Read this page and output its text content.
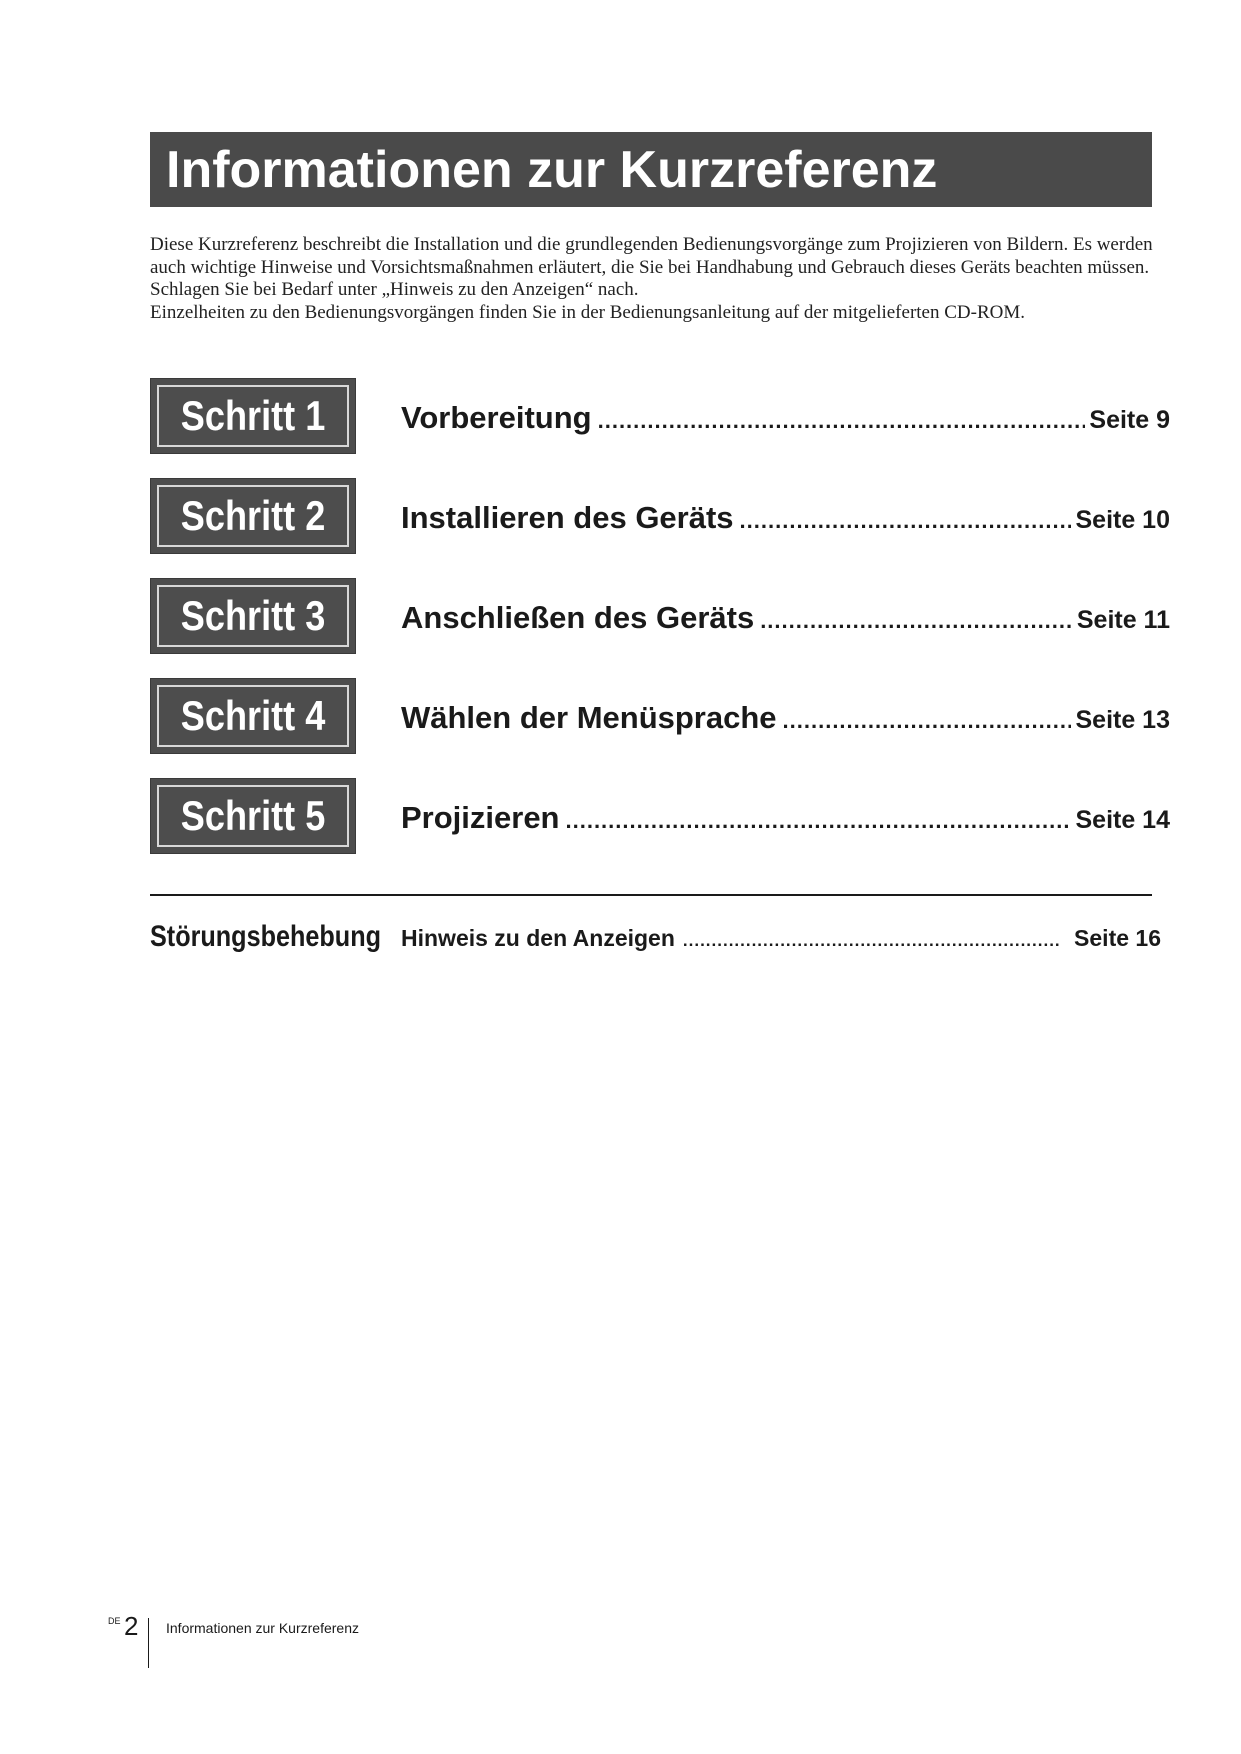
Informationen zur Kurzreferenz

Diese Kurzreferenz beschreibt die Installation und die grundlegenden Bedienungsvorgänge zum Projizieren von Bildern. Es werden auch wichtige Hinweise und Vorsichtsmaßnahmen erläutert, die Sie bei Handhabung und Gebrauch dieses Geräts beachten müssen.

Schlagen Sie bei Bedarf unter „Hinweis zu den Anzeigen“ nach.

Einzelheiten zu den Bedienungsvorgängen finden Sie in der Bedienungsanleitung auf der mitgelieferten CD-ROM.

Schritt 1 Vorbereitung .....	Seite 9
Schritt 2 Installieren des Geräts .....	Seite 10
Schritt 3 Anschließen des Geräts .....	Seite 11
Schritt 4 Wählen der Menüsprache .....	Seite 13
Schritt 5 Projizieren .....	Seite 14
Störungsbehebung Hinweis zu den Anzeigen .....	Seite 16
DE 2 Informationen zur Kurzreferenz
